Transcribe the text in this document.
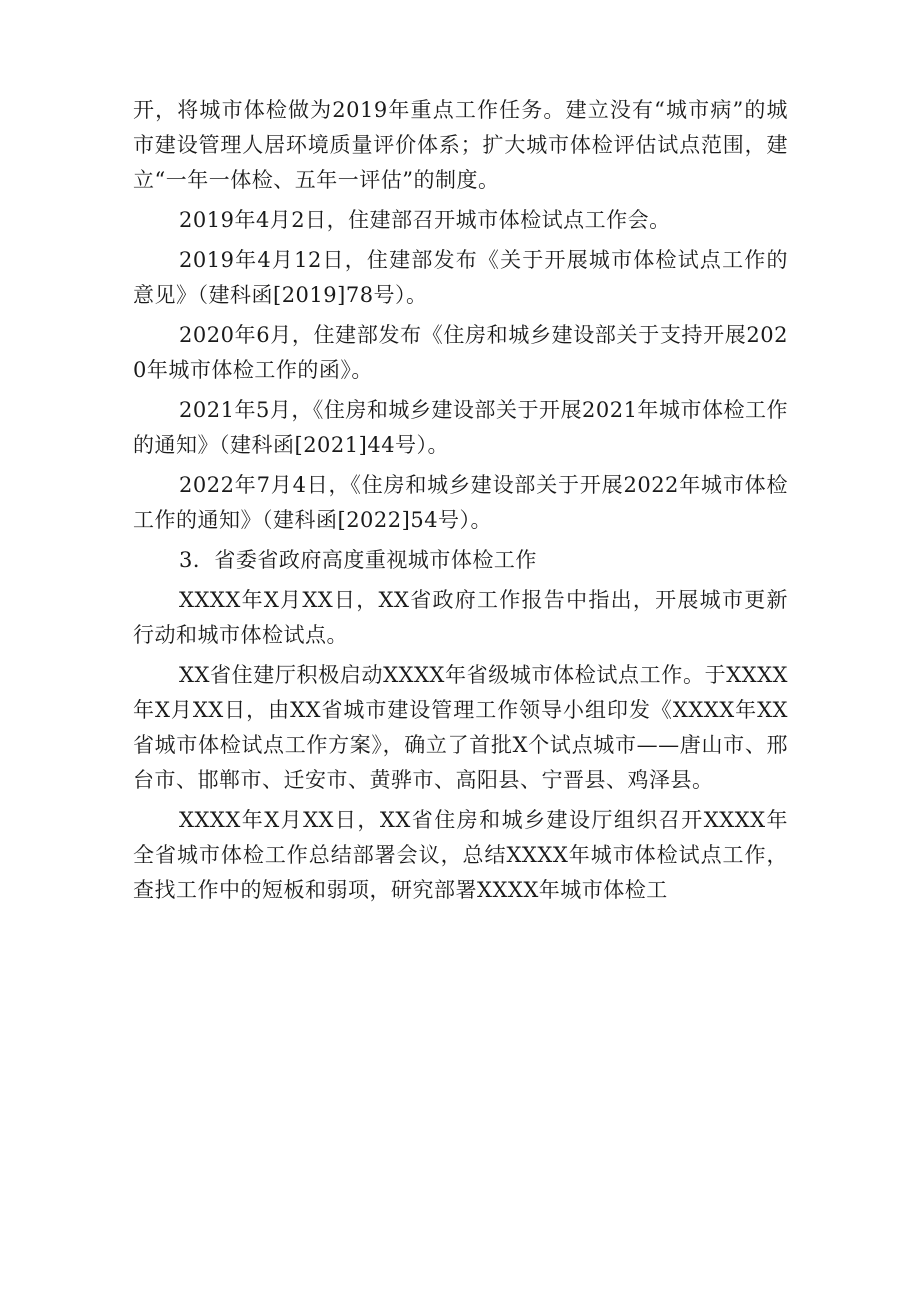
开，将城市体检做为2019年重点工作任务。建立没有“城市病”的城市建设管理人居环境质量评价体系；扩大城市体检评估试点范围，建立“一年一体检、五年一评估”的制度。

2019年4月2日，住建部召开城市体检试点工作会。

2019年4月12日，住建部发布《关于开展城市体检试点工作的意见》（建科函[2019]78号）。

2020年6月，住建部发布《住房和城乡建设部关于支持开展2020年城市体检工作的函》。

2021年5月，《住房和城乡建设部关于开展2021年城市体检工作的通知》（建科函[2021]44号）。

2022年7月4日，《住房和城乡建设部关于开展2022年城市体检工作的通知》（建科函[2022]54号）。

3．省委省政府高度重视城市体检工作

XXXX年X月XX日，XX省政府工作报告中指出，开展城市更新行动和城市体检试点。

XX省住建厅积极启动XXXX年省级城市体检试点工作。于XXXX年X月XX日，由XX省城市建设管理工作领导小组印发《XXXX年XX省城市体检试点工作方案》，确立了首批X个试点城市——唐山市、邢台市、邯郸市、迁安市、黄骅市、高阳县、宁晋县、鸡泽县。

XXXX年X月XX日，XX省住房和城乡建设厅组织召开XXXX年全省城市体检工作总结部署会议，总结XXXX年城市体检试点工作，查找工作中的短板和弱项，研究部署XXXX年城市体检工
